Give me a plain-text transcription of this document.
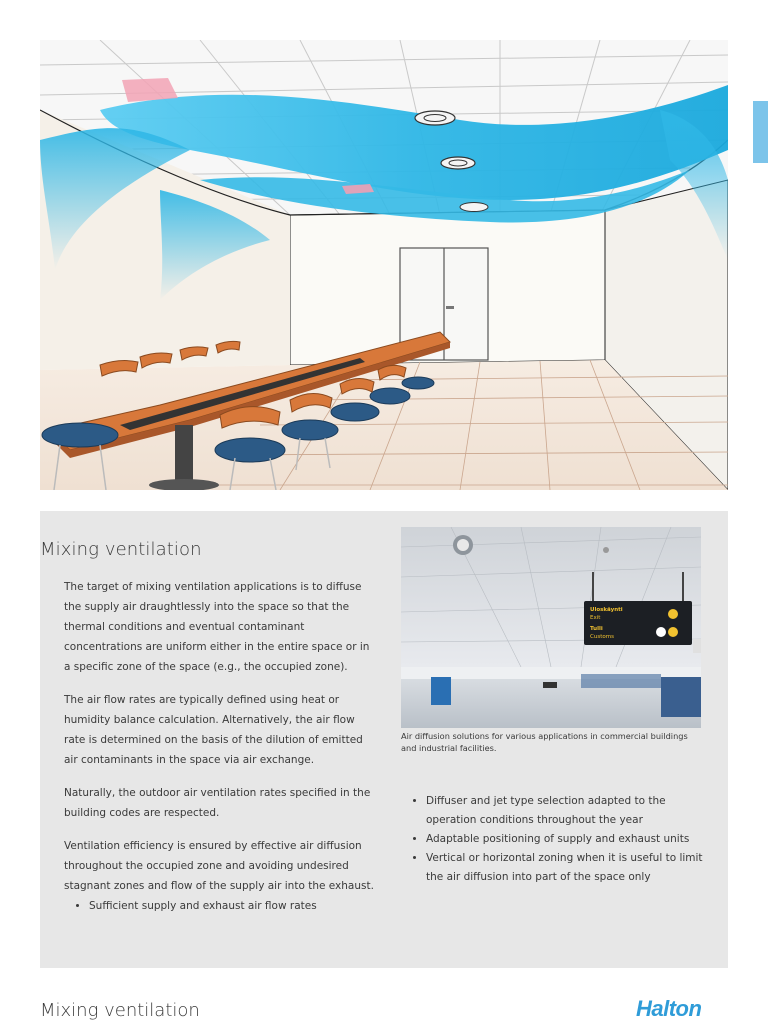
Mixing ventilation

The target of mixing ventilation applications is to diffuse the supply air draughtlessly into the space so that the thermal conditions and eventual contaminant concentrations are uniform either in the entire space or in a specific zone of the space (e.g., the occupied zone).

The air flow rates are typically defined using heat or humidity balance calculation. Alternatively, the air flow rate is determined on the basis of the dilution of emitted air contaminants in the space via air exchange.

Naturally, the outdoor air ventilation rates specified in the building codes are respected.

Ventilation efficiency is ensured by effective air diffusion throughout the occupied zone and avoiding undesired stagnant zones and flow of the supply air into the exhaust.

• Sufficient supply and exhaust air flow rates
Uloskäynti
Exit
Tulli
Customs
Air diffusion solutions for various applications in commercial buildings and industrial facilities.
• Diffuser and jet type selection adapted to the operation conditions throughout the year
• Adaptable positioning of supply and exhaust units
• Vertical or horizontal zoning when it is useful to limit the air diffusion into part of the space only
Mixing ventilation	Halton
